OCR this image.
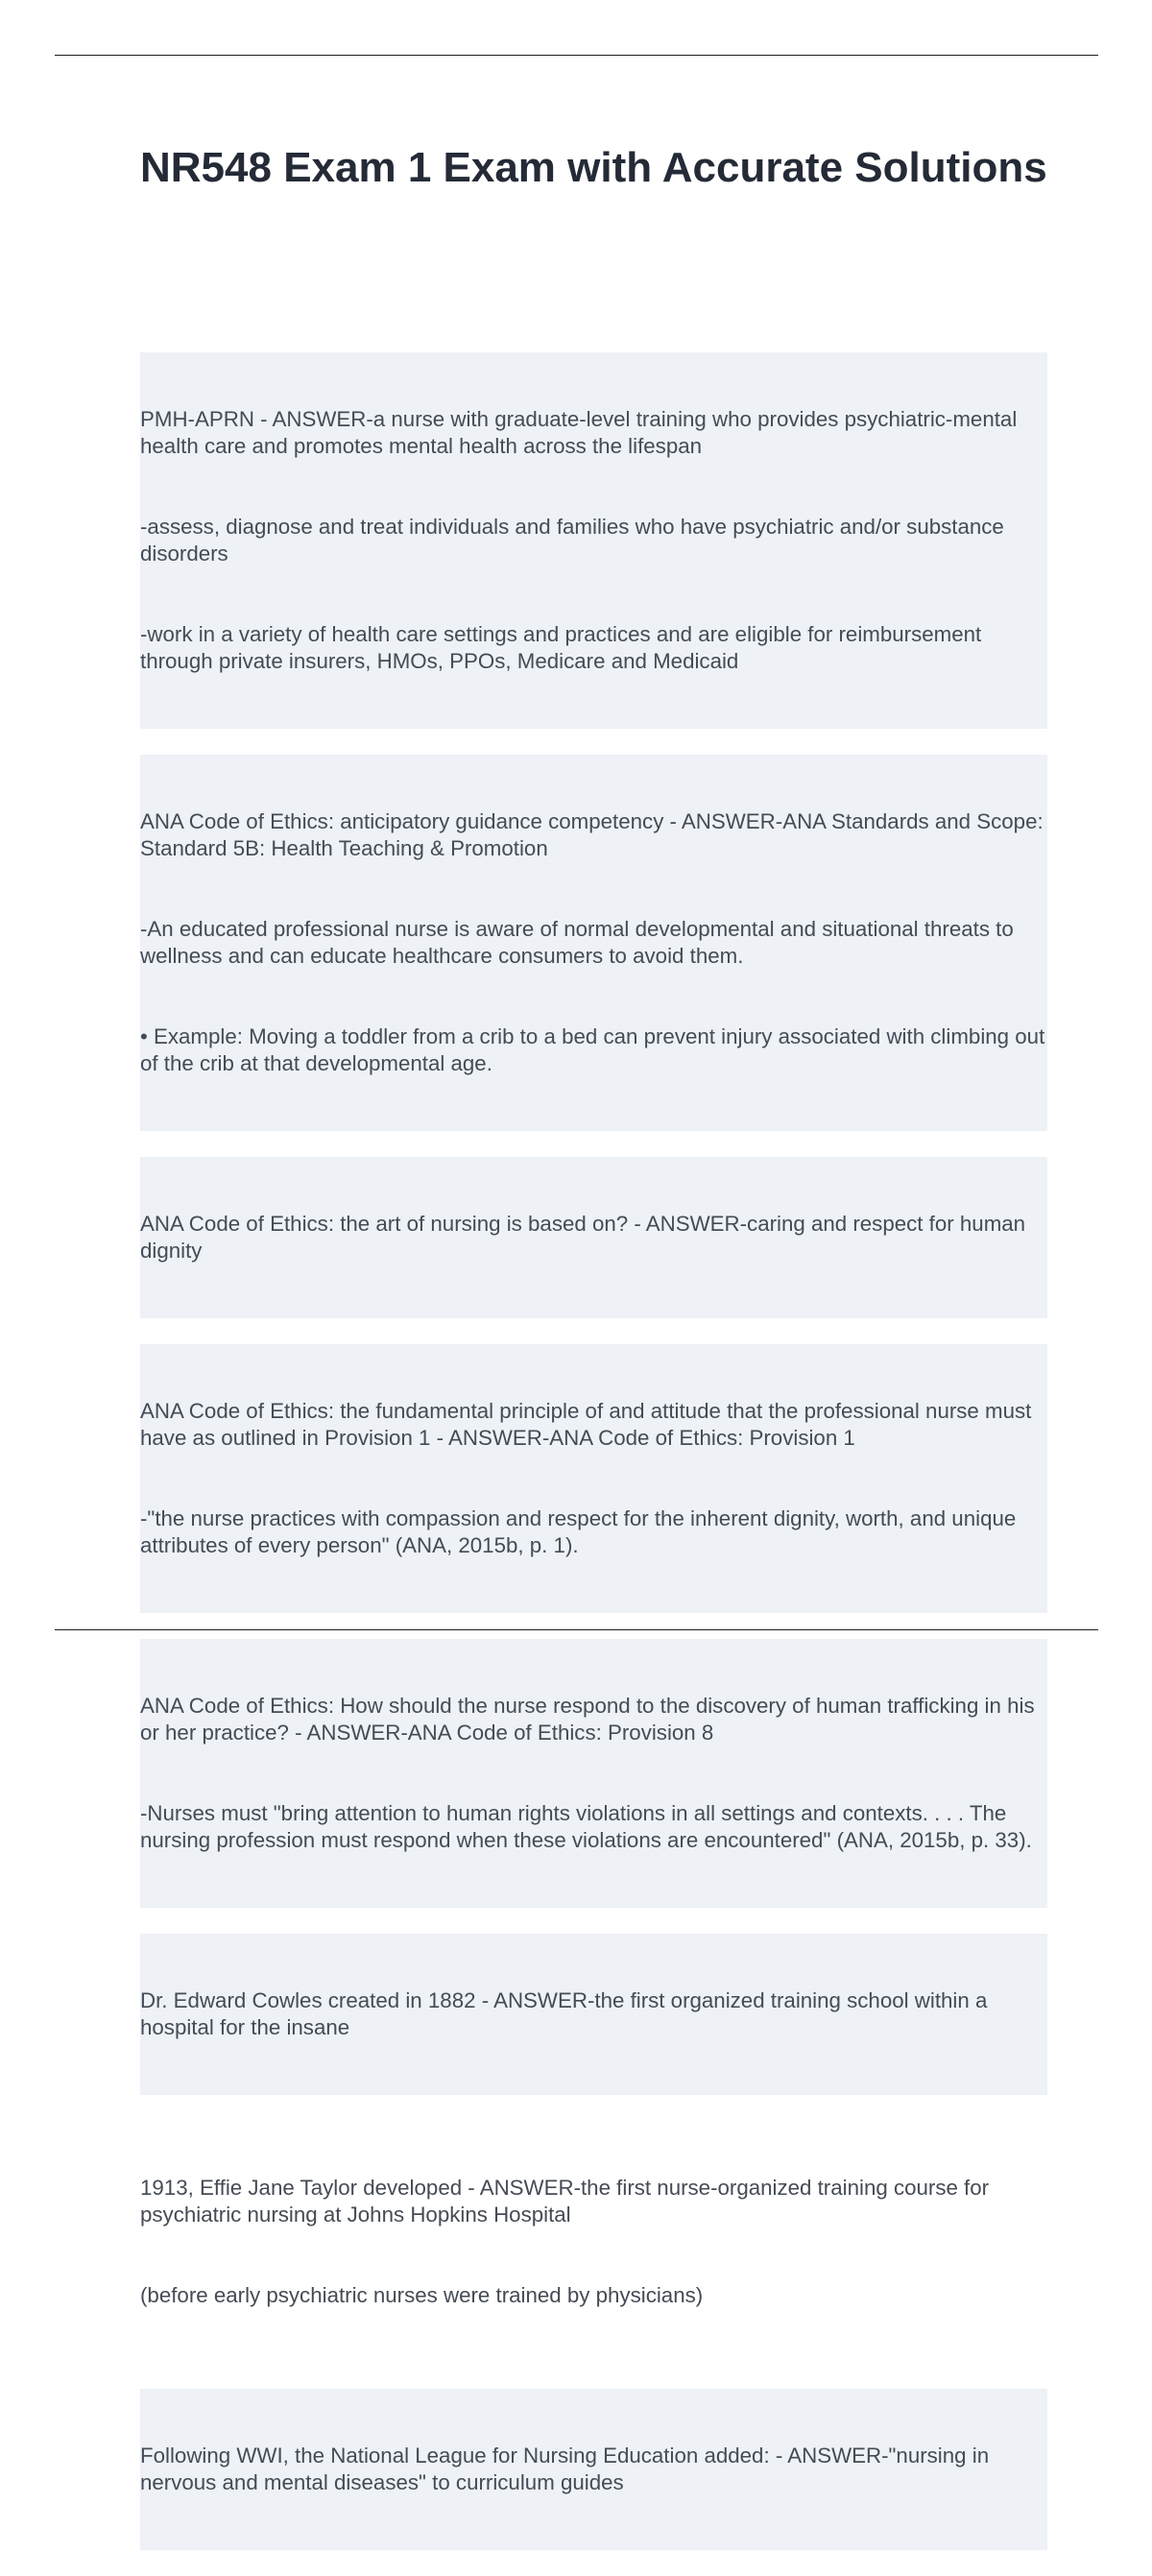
NR548 Exam 1 Exam with Accurate Solutions

PMH-APRN - ANSWER-a nurse with graduate-level training who provides psychiatric-mental health care and promotes mental health across the lifespan

-assess, diagnose and treat individuals and families who have psychiatric and/or substance disorders

-work in a variety of health care settings and practices and are eligible for reimbursement through private insurers, HMOs, PPOs, Medicare and Medicaid

ANA Code of Ethics: anticipatory guidance competency - ANSWER-ANA Standards and Scope: Standard 5B: Health Teaching & Promotion

-An educated professional nurse is aware of normal developmental and situational threats to wellness and can educate healthcare consumers to avoid them.

• Example: Moving a toddler from a crib to a bed can prevent injury associated with climbing out of the crib at that developmental age.

ANA Code of Ethics: the art of nursing is based on? - ANSWER-caring and respect for human dignity

ANA Code of Ethics: the fundamental principle of and attitude that the professional nurse must have as outlined in Provision 1 - ANSWER-ANA Code of Ethics: Provision 1

-"the nurse practices with compassion and respect for the inherent dignity, worth, and unique attributes of every person" (ANA, 2015b, p. 1).

ANA Code of Ethics: How should the nurse respond to the discovery of human trafficking in his or her practice? - ANSWER-ANA Code of Ethics: Provision 8

-Nurses must "bring attention to human rights violations in all settings and contexts. . . . The nursing profession must respond when these violations are encountered" (ANA, 2015b, p. 33).

Dr. Edward Cowles created in 1882 - ANSWER-the first organized training school within a hospital for the insane

1913, Effie Jane Taylor developed - ANSWER-the first nurse-organized training course for psychiatric nursing at Johns Hopkins Hospital

(before early psychiatric nurses were trained by physicians)

Following WWI, the National League for Nursing Education added: - ANSWER-"nursing in nervous and mental diseases" to curriculum guides
